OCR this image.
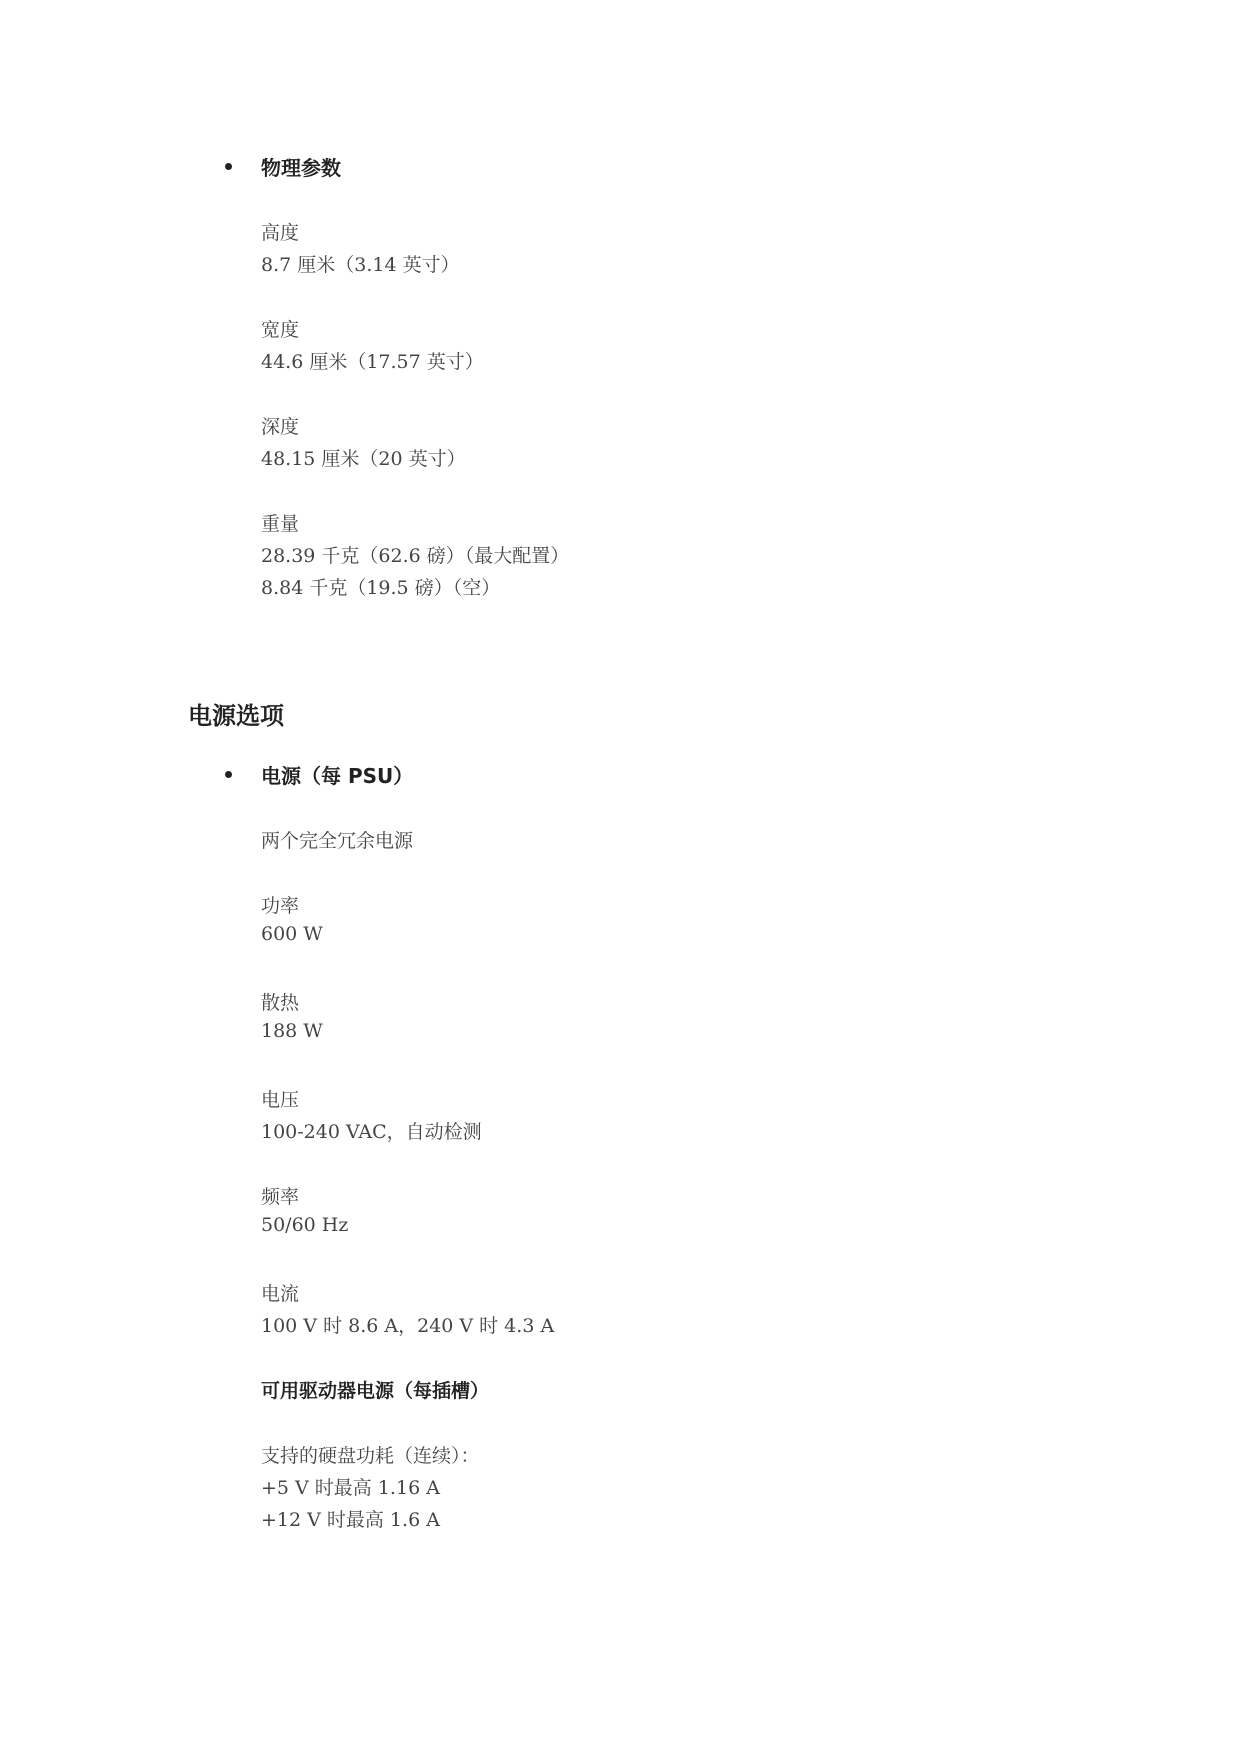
物理参数
高度
8.7 厘米（3.14 英寸）
宽度
44.6 厘米（17.57 英寸）
深度
48.15 厘米（20 英寸）
重量
28.39 千克（62.6 磅）（最大配置）
8.84 千克（19.5 磅）（空）
电源选项
电源（每 PSU）
两个完全冗余电源
功率
600 W
散热
188 W
电压
100-240 VAC，自动检测
频率
50/60 Hz
电流
100 V 时 8.6 A，240 V 时 4.3 A
可用驱动器电源（每插槽）
支持的硬盘功耗（连续）：
+5 V 时最高 1.16 A
+12 V 时最高 1.6 A
